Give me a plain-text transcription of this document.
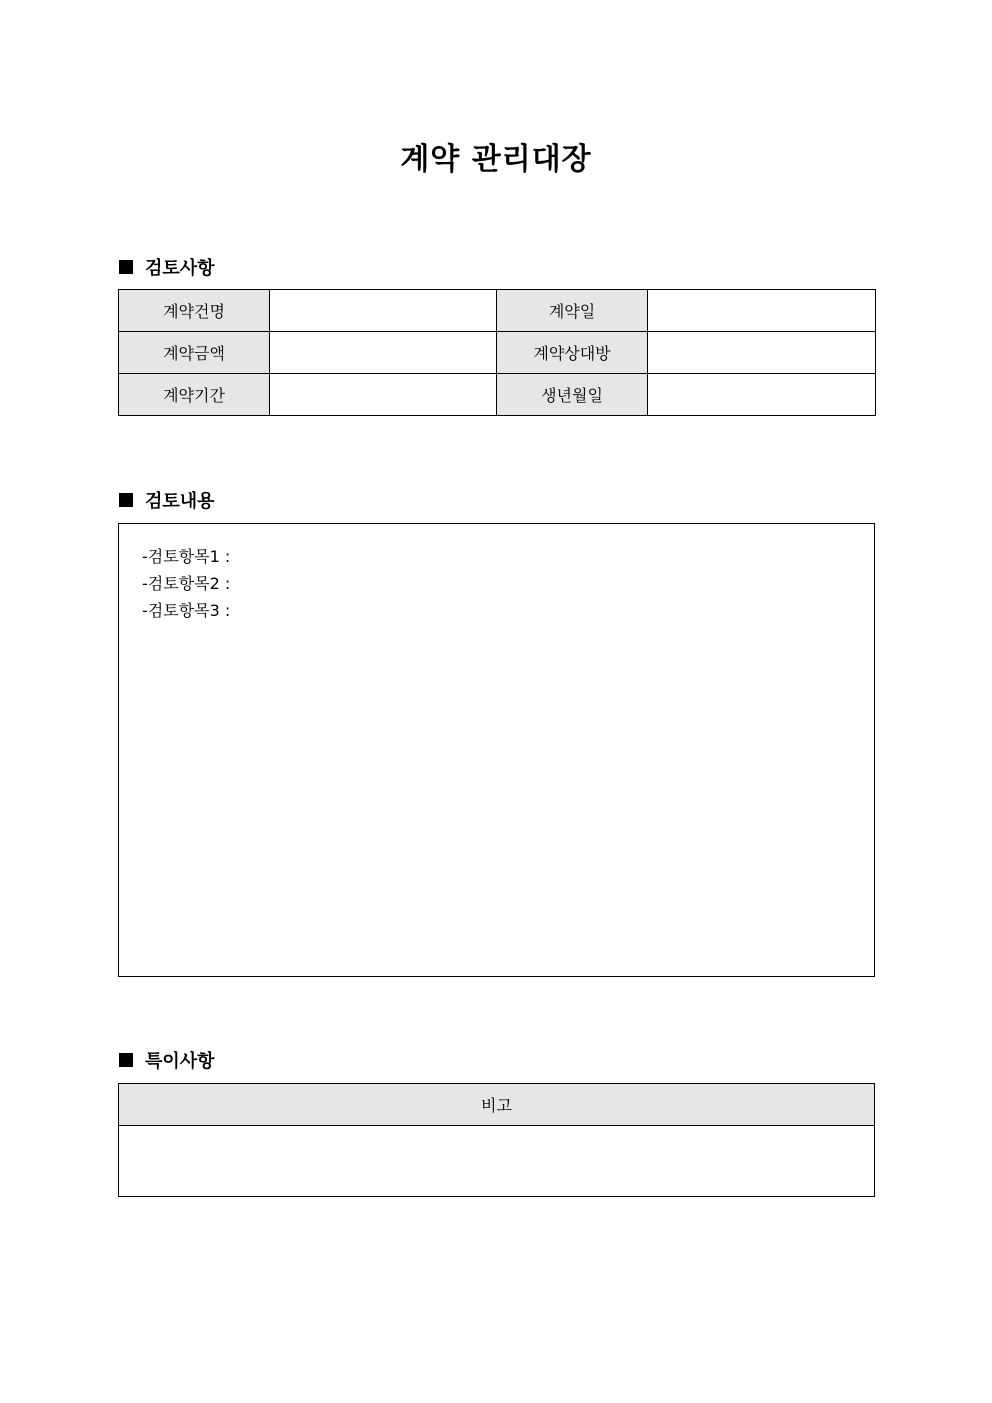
계약 관리대장
검토사항
계약건명		계약일	
계약금액		계약상대방	
계약기간		생년월일	
검토내용
-검토항목1 :
-검토항목2 :
-검토항목3 :
특이사항
비고
